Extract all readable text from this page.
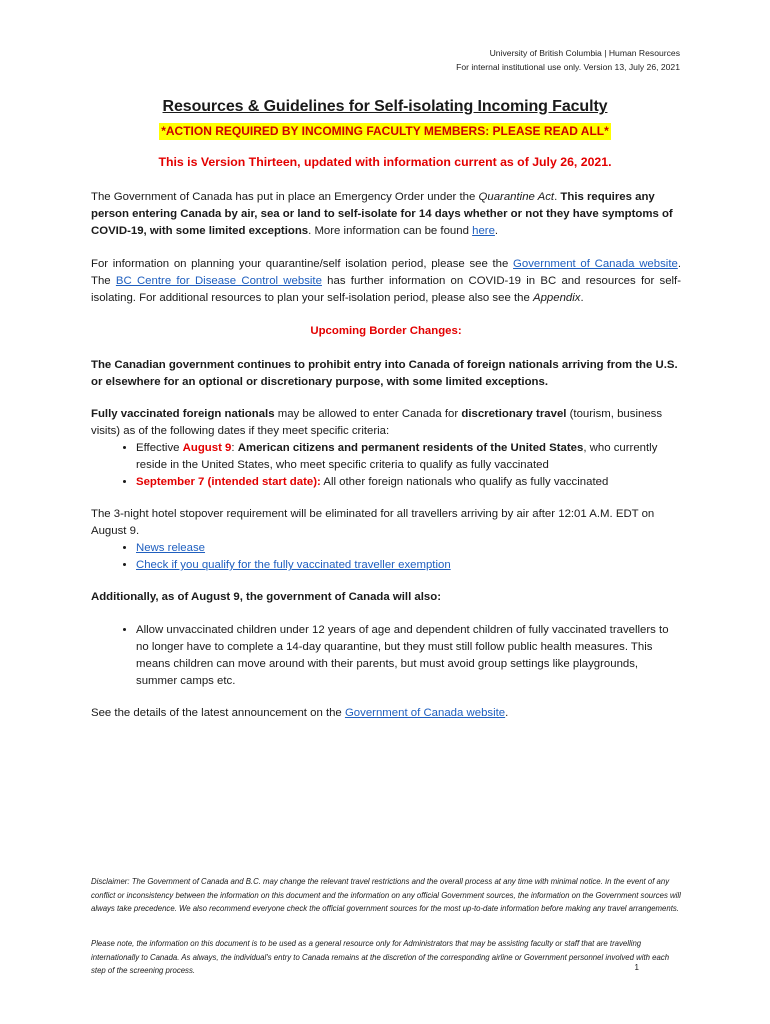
University of British Columbia | Human Resources
For internal institutional use only. Version 13, July 26, 2021
Resources & Guidelines for Self-isolating Incoming Faculty
*ACTION REQUIRED BY INCOMING FACULTY MEMBERS: PLEASE READ ALL*
This is Version Thirteen, updated with information current as of July 26, 2021.
The Government of Canada has put in place an Emergency Order under the Quarantine Act. This requires any person entering Canada by air, sea or land to self-isolate for 14 days whether or not they have symptoms of COVID-19, with some limited exceptions. More information can be found here.
For information on planning your quarantine/self isolation period, please see the Government of Canada website. The BC Centre for Disease Control website has further information on COVID-19 in BC and resources for self-isolating. For additional resources to plan your self-isolation period, please also see the Appendix.
Upcoming Border Changes:
The Canadian government continues to prohibit entry into Canada of foreign nationals arriving from the U.S. or elsewhere for an optional or discretionary purpose, with some limited exceptions.
Fully vaccinated foreign nationals may be allowed to enter Canada for discretionary travel (tourism, business visits) as of the following dates if they meet specific criteria:
• Effective August 9: American citizens and permanent residents of the United States, who currently reside in the United States, who meet specific criteria to qualify as fully vaccinated
• September 7 (intended start date): All other foreign nationals who qualify as fully vaccinated
The 3-night hotel stopover requirement will be eliminated for all travellers arriving by air after 12:01 A.M. EDT on August 9.
• News release
• Check if you qualify for the fully vaccinated traveller exemption
Additionally, as of August 9, the government of Canada will also:
• Allow unvaccinated children under 12 years of age and dependent children of fully vaccinated travellers to no longer have to complete a 14-day quarantine, but they must still follow public health measures. This means children can move around with their parents, but must avoid group settings like playgrounds, summer camps etc.
See the details of the latest announcement on the Government of Canada website.
Disclaimer: The Government of Canada and B.C. may change the relevant travel restrictions and the overall process at any time with minimal notice. In the event of any conflict or inconsistency between the information on this document and the information on any official Government sources, the information on the Government sources will always take precedence. We also recommend everyone check the official government sources for the most up-to-date information before making any travel arrangements.
Please note, the information on this document is to be used as a general resource only for Administrators that may be assisting faculty or staff that are travelling internationally to Canada. As always, the individual's entry to Canada remains at the discretion of the corresponding airline or Government personnel involved with each step of the screening process.	1
